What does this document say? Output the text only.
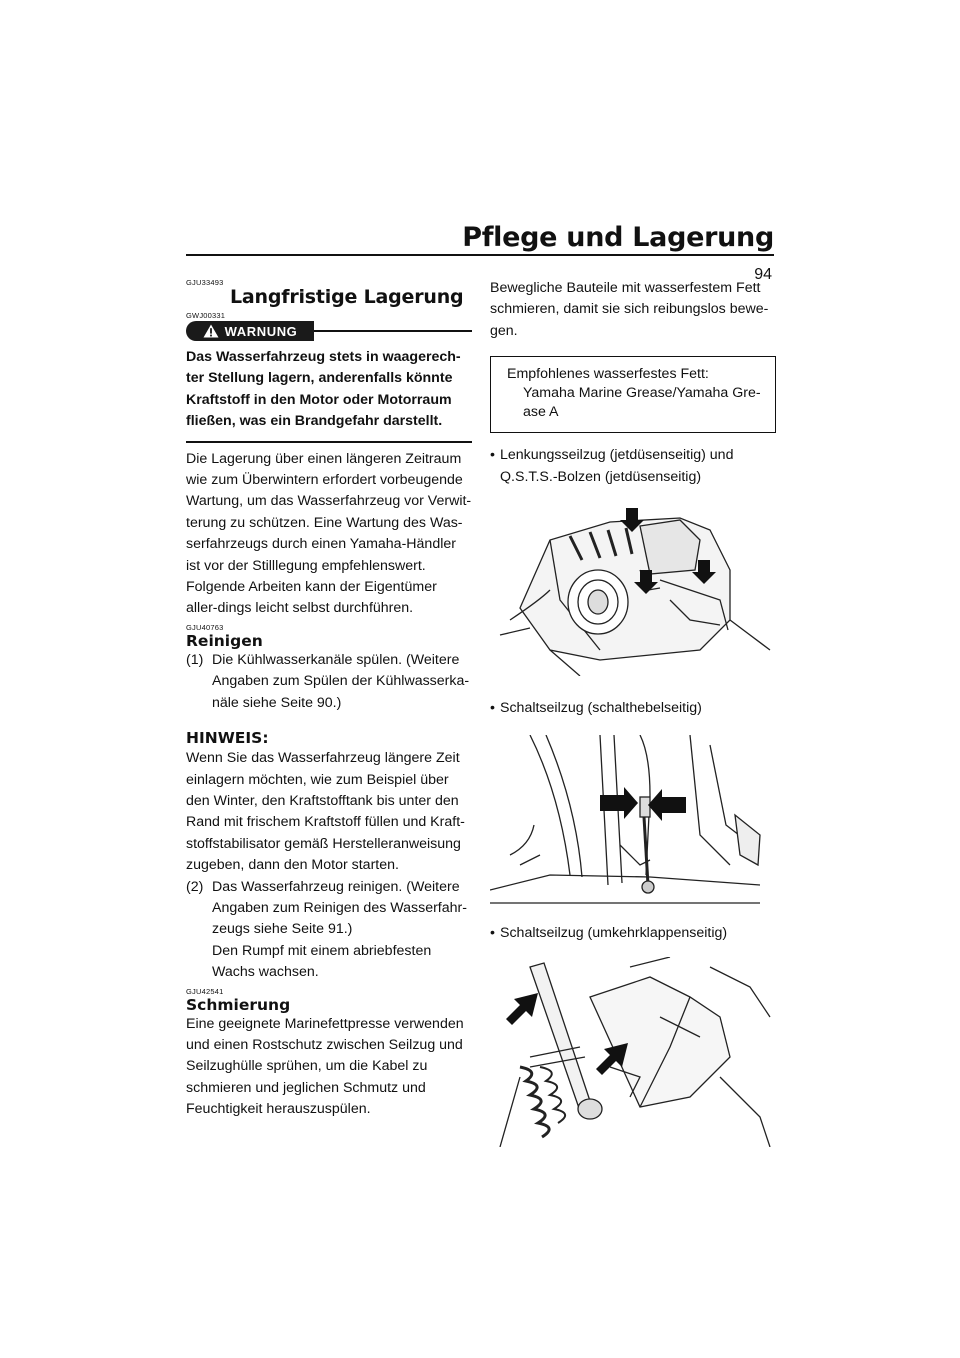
Pflege und Lagerung
94
GJU33493
Langfristige Lagerung
GWJ00331
WARNUNG

Das Wasserfahrzeug stets in waagerech-ter Stellung lagern, anderenfalls könnte Kraftstoff in den Motor oder Motorraum fließen, was ein Brandgefahr darstellt.

Die Lagerung über einen längeren Zeitraum wie zum Überwintern erfordert vorbeugende Wartung, um das Wasserfahrzeug vor Verwit-terung zu schützen. Eine Wartung des Was-serfahrzeugs durch einen Yamaha-Händler ist vor der Stilllegung empfehlenswert. Folgende Arbeiten kann der Eigentümer aller-dings leicht selbst durchführen.

GJU40763
Reinigen
(1) Die Kühlwasserkanäle spülen. (Weitere Angaben zum Spülen der Kühlwasserka-näle siehe Seite 90.)
HINWEIS:

Wenn Sie das Wasserfahrzeug längere Zeit einlagern möchten, wie zum Beispiel über den Winter, den Kraftstofftank bis unter den Rand mit frischem Kraftstoff füllen und Kraft-stoffstabilisator gemäß Herstelleranweisung zugeben, dann den Motor starten.

(2) Das Wasserfahrzeug reinigen. (Weitere Angaben zum Reinigen des Wasserfahr-zeugs siehe Seite 91.)
Den Rumpf mit einem abriebfesten Wachs wachsen.
GJU42541
Schmierung

Eine geeignete Marinefettpresse verwenden und einen Rostschutz zwischen Seilzug und Seilzughülle sprühen, um die Kabel zu schmieren und jeglichen Schmutz und Feuchtigkeit herauszuspülen.

Bewegliche Bauteile mit wasserfestem Fett schmieren, damit sie sich reibungslos bewe-gen.

Empfohlenes wasserfestes Fett:
Yamaha Marine Grease/Yamaha Gre-ase A
• Lenkungsseilzug (jetdüsenseitig) und Q.S.T.S.-Bolzen (jetdüsenseitig)
• Schaltseilzug (schalthebelseitig)
• Schaltseilzug (umkehrklappenseitig)
